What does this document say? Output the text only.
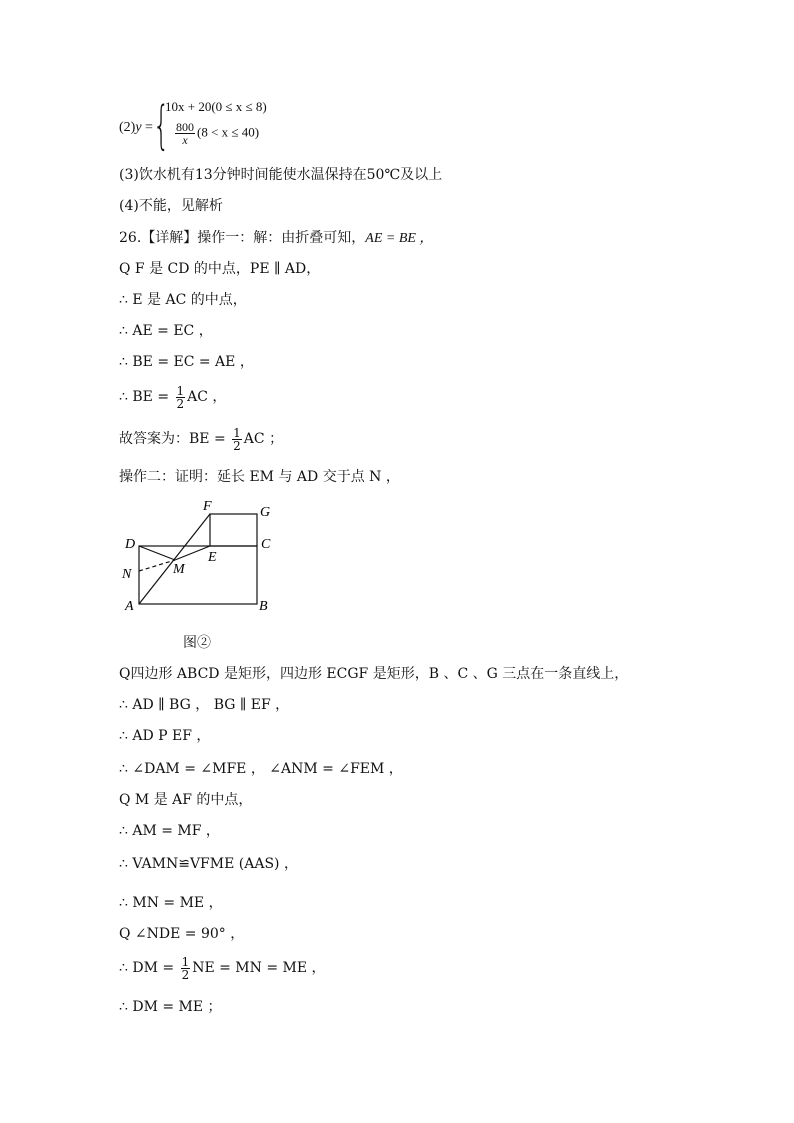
(2)y = {
10x + 20(0 ≤ x ≤ 8)
$\frac{800}{x} (8 < x \le 40)$
(3)饮水机有13分钟时间能使水温保持在50℃及以上
(4)不能，见解析
26.【详解】操作一：解：由折叠可知，AE = BE ，
Q F 是 CD 的中点，PE ∥ AD，
∴ E 是 AC 的中点，
∴ AE = EC ，
∴ BE = EC = AE ，
∴ BE = $\frac{1}{2}$ AC ，
故答案为：BE = $\frac{1}{2}$ AC ；
操作二：证明：延长 EM 与 AD 交于点 N ，
F	G
D	C
E
M
N
A	B
图②
Q四边形 ABCD 是矩形，四边形 ECGF 是矩形，B 、C 、G 三点在一条直线上，
∴ AD ∥ BG ， BG ∥ EF ，
∴ AD P EF ，
∴ ∠DAM = ∠MFE ， ∠ANM = ∠FEM ，
Q M 是 AF 的中点，
∴ AM = MF ，
∴ VAMN≌VFME (AAS) ，
∴ MN = ME ，
Q ∠NDE = 90° ，
∴ DM = $\frac{1}{2}$ NE = MN = ME ，
∴ DM = ME ；
